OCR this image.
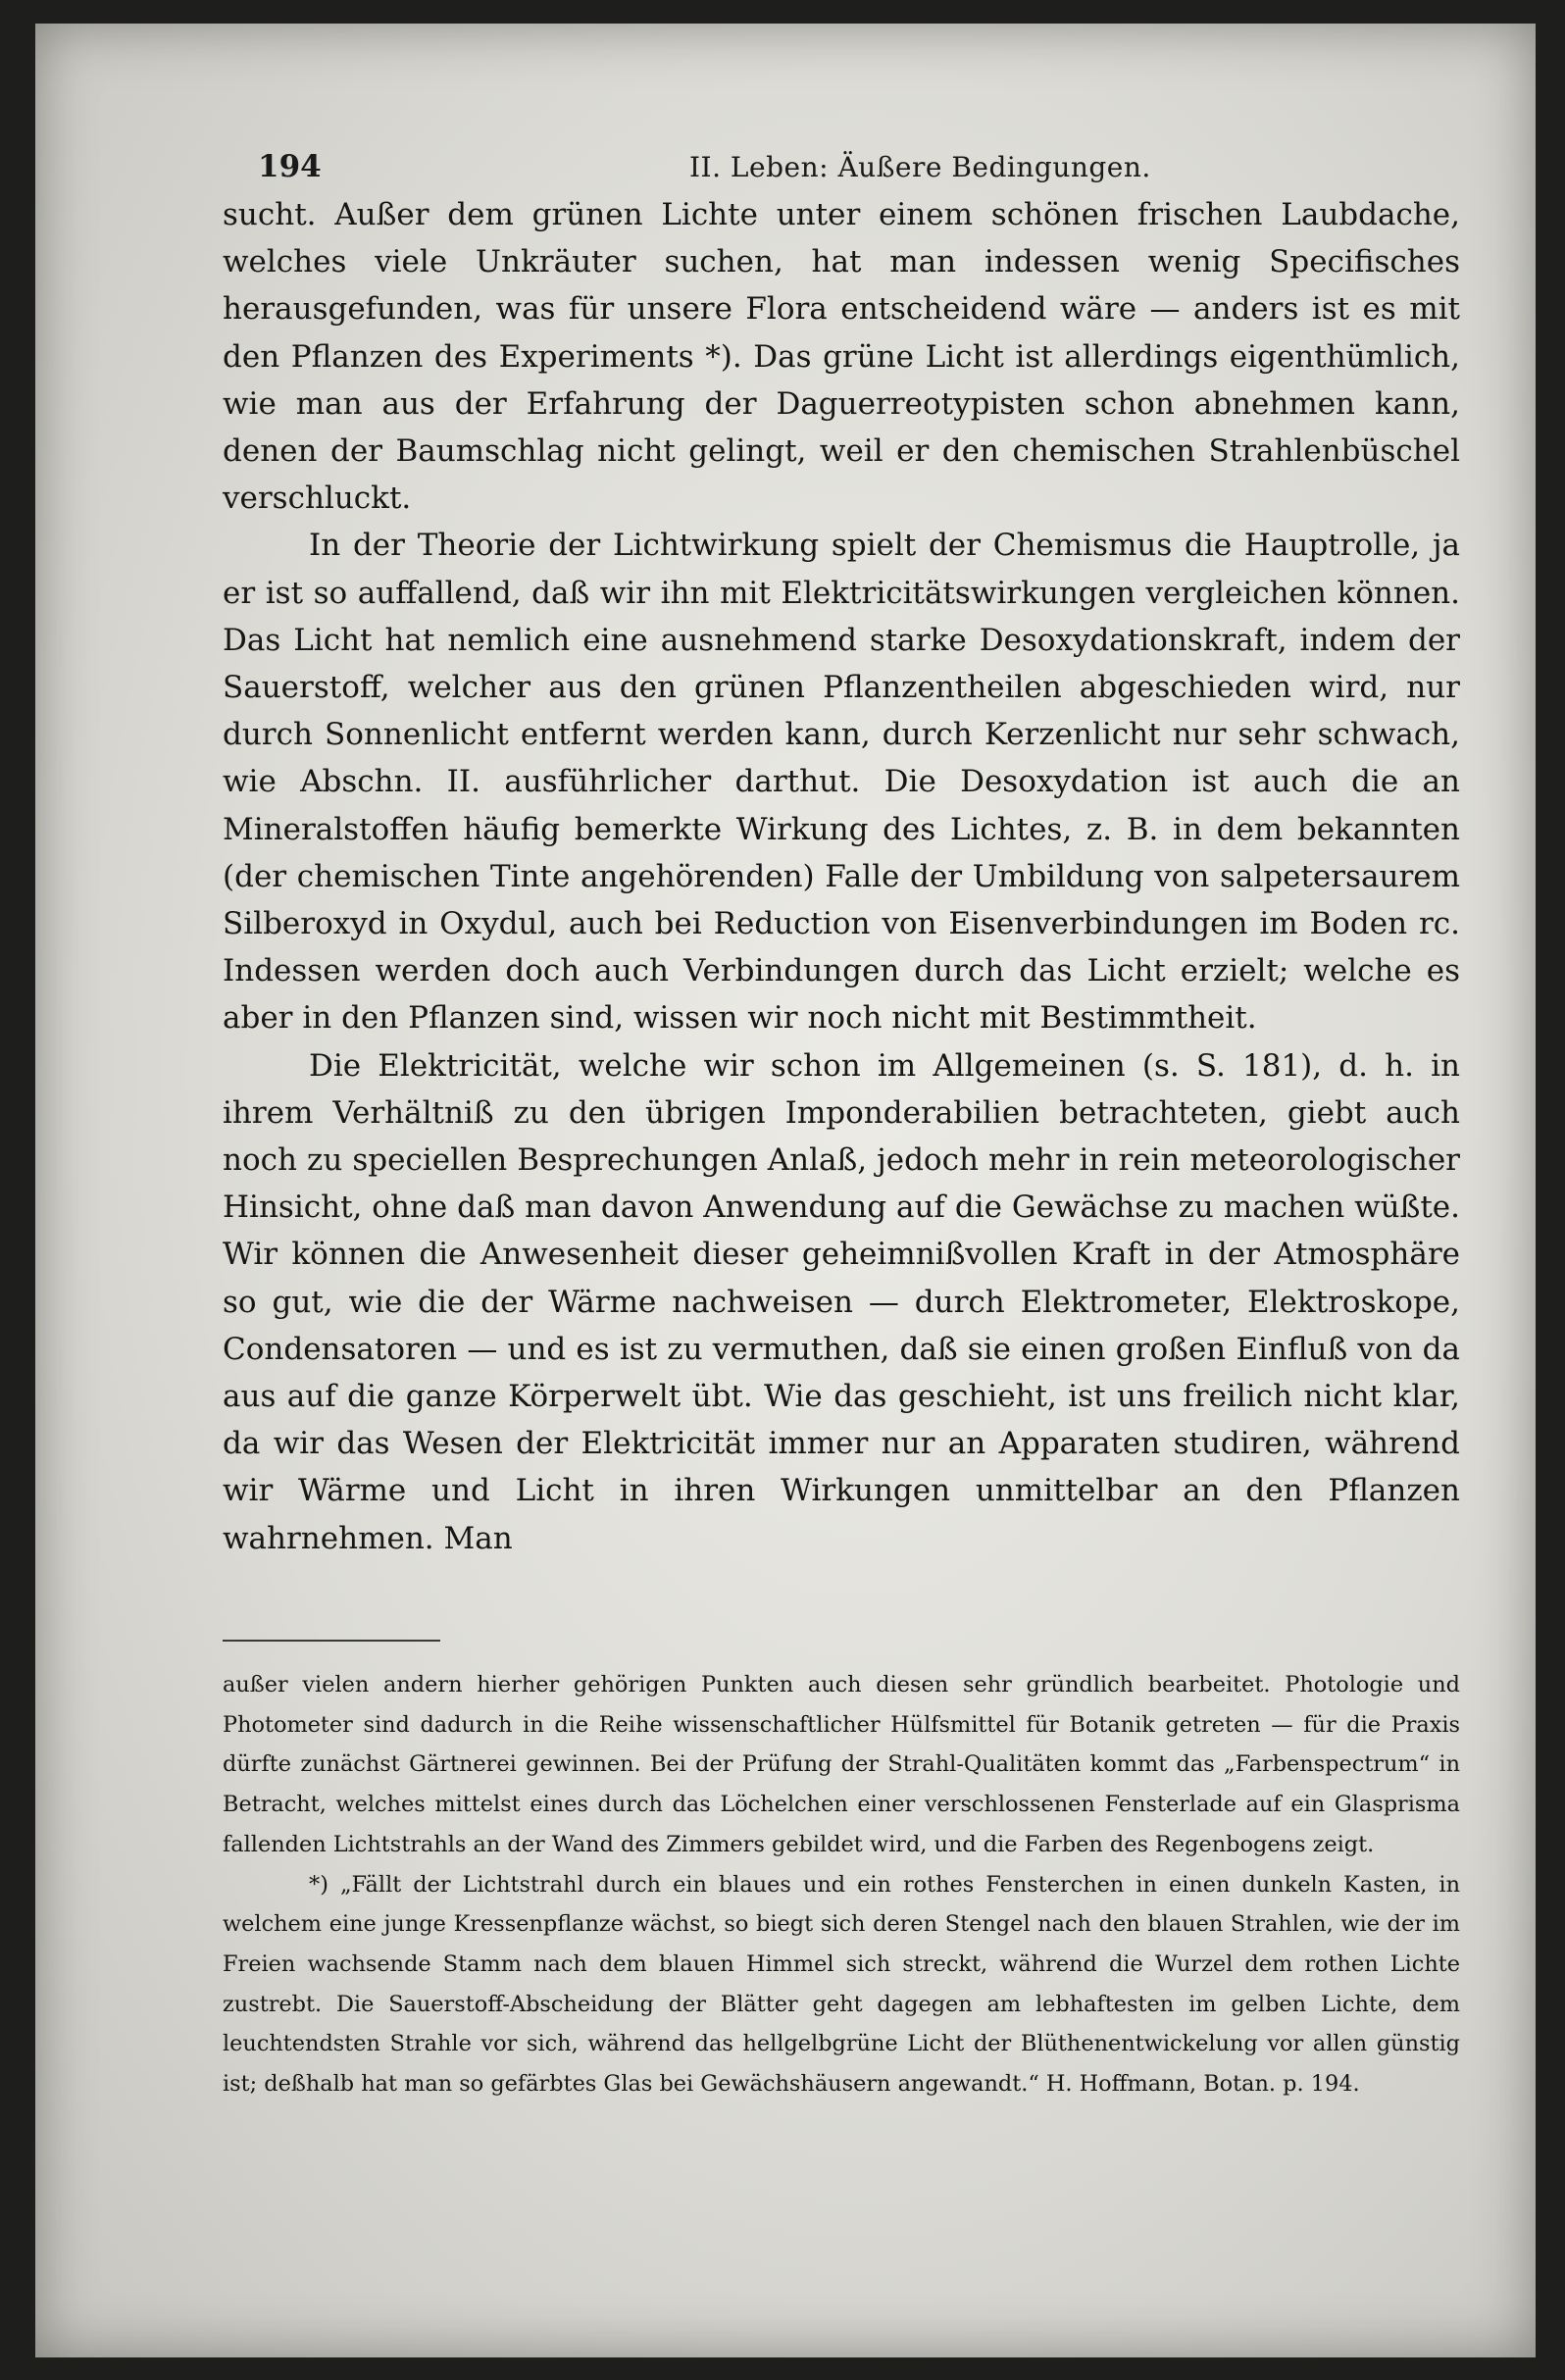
194	II. Leben: Äußere Bedingungen.

sucht. Außer dem grünen Lichte unter einem schönen frischen Laubdache, welches viele Unkräuter suchen, hat man indessen wenig Specifisches herausgefunden, was für unsere Flora entscheidend wäre — anders ist es mit den Pflanzen des Experiments *). Das grüne Licht ist allerdings eigenthümlich, wie man aus der Erfahrung der Daguerreotypisten schon abnehmen kann, denen der Baumschlag nicht gelingt, weil er den chemischen Strahlenbüschel verschluckt.

In der Theorie der Lichtwirkung spielt der Chemismus die Hauptrolle, ja er ist so auffallend, daß wir ihn mit Elektricitätswirkungen vergleichen können. Das Licht hat nemlich eine ausnehmend starke Desoxydationskraft, indem der Sauerstoff, welcher aus den grünen Pflanzentheilen abgeschieden wird, nur durch Sonnenlicht entfernt werden kann, durch Kerzenlicht nur sehr schwach, wie Abschn. II. ausführlicher darthut. Die Desoxydation ist auch die an Mineralstoffen häufig bemerkte Wirkung des Lichtes, z. B. in dem bekannten (der chemischen Tinte angehörenden) Falle der Umbildung von salpetersaurem Silberoxyd in Oxydul, auch bei Reduction von Eisenverbindungen im Boden rc. Indessen werden doch auch Verbindungen durch das Licht erzielt; welche es aber in den Pflanzen sind, wissen wir noch nicht mit Bestimmtheit.

Die Elektricität, welche wir schon im Allgemeinen (s. S. 181), d. h. in ihrem Verhältniß zu den übrigen Imponderabilien betrachteten, giebt auch noch zu speciellen Besprechungen Anlaß, jedoch mehr in rein meteorologischer Hinsicht, ohne daß man davon Anwendung auf die Gewächse zu machen wüßte. Wir können die Anwesenheit dieser geheimnißvollen Kraft in der Atmosphäre so gut, wie die der Wärme nachweisen — durch Elektrometer, Elektroskope, Condensatoren — und es ist zu vermuthen, daß sie einen großen Einfluß von da aus auf die ganze Körperwelt übt. Wie das geschieht, ist uns freilich nicht klar, da wir das Wesen der Elektricität immer nur an Apparaten studiren, während wir Wärme und Licht in ihren Wirkungen unmittelbar an den Pflanzen wahrnehmen. Man

außer vielen andern hierher gehörigen Punkten auch diesen sehr gründlich bearbeitet. Photologie und Photometer sind dadurch in die Reihe wissenschaftlicher Hülfsmittel für Botanik getreten — für die Praxis dürfte zunächst Gärtnerei gewinnen. Bei der Prüfung der Strahl-Qualitäten kommt das „Farbenspectrum“ in Betracht, welches mittelst eines durch das Löchelchen einer verschlossenen Fensterlade auf ein Glasprisma fallenden Lichtstrahls an der Wand des Zimmers gebildet wird, und die Farben des Regenbogens zeigt.

*) „Fällt der Lichtstrahl durch ein blaues und ein rothes Fensterchen in einen dunkeln Kasten, in welchem eine junge Kressenpflanze wächst, so biegt sich deren Stengel nach den blauen Strahlen, wie der im Freien wachsende Stamm nach dem blauen Himmel sich streckt, während die Wurzel dem rothen Lichte zustrebt. Die Sauerstoff-Abscheidung der Blätter geht dagegen am lebhaftesten im gelben Lichte, dem leuchtendsten Strahle vor sich, während das hellgelbgrüne Licht der Blüthenentwickelung vor allen günstig ist; deßhalb hat man so gefärbtes Glas bei Gewächshäusern angewandt.“ H. Hoffmann, Botan. p. 194.
